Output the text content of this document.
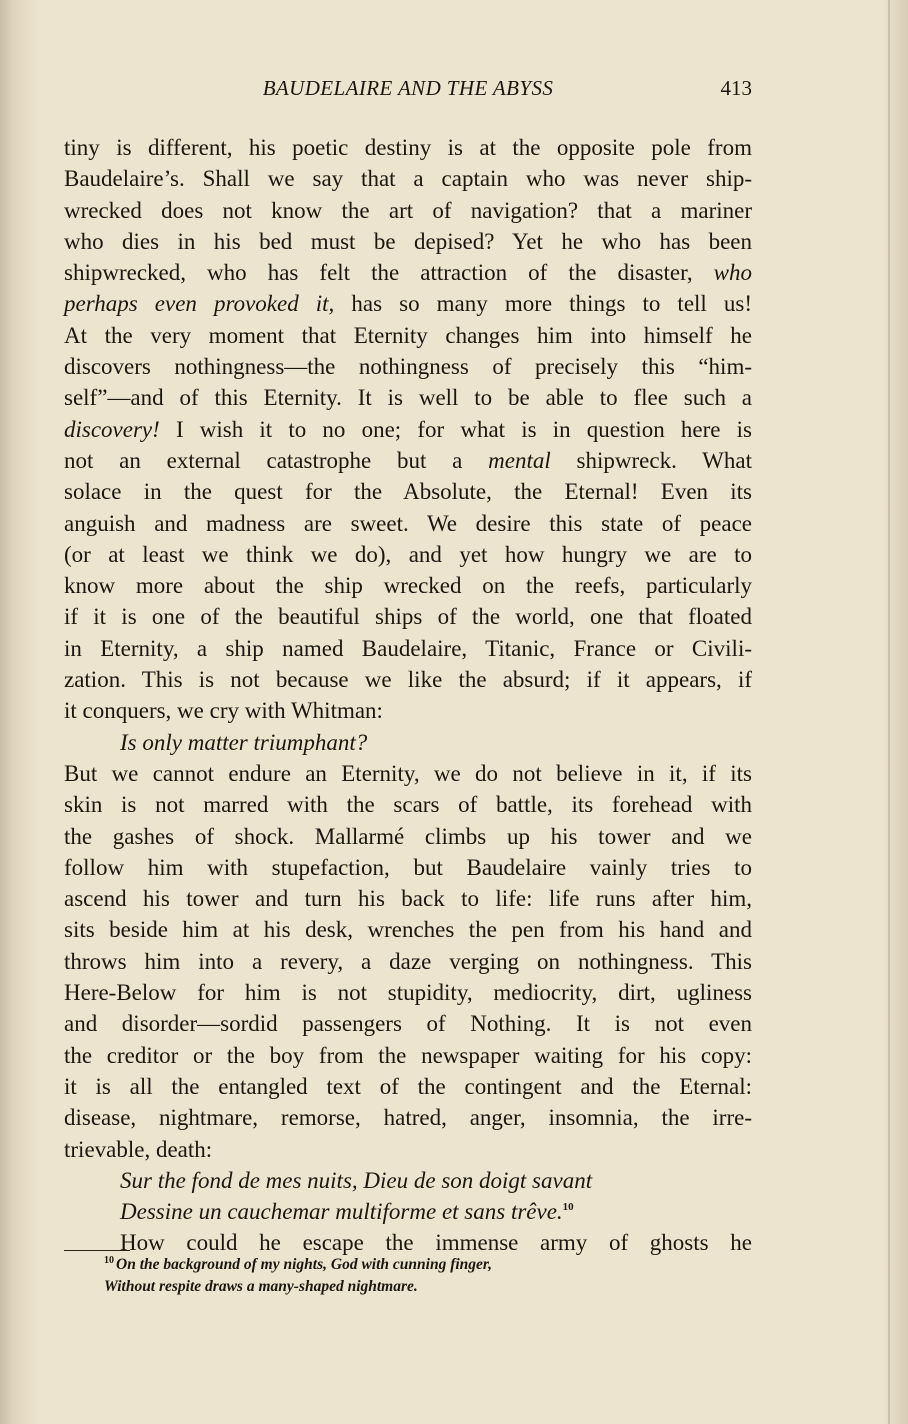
BAUDELAIRE AND THE ABYSS	413
tiny is different, his poetic destiny is at the opposite pole from
Baudelaire’s. Shall we say that a captain who was never ship-
wrecked does not know the art of navigation? that a mariner
who dies in his bed must be depised? Yet he who has been
shipwrecked, who has felt the attraction of the disaster, who
perhaps even provoked it, has so many more things to tell us!
At the very moment that Eternity changes him into himself he
discovers nothingness—the nothingness of precisely this “him-
self”—and of this Eternity. It is well to be able to flee such a
discovery! I wish it to no one; for what is in question here is
not an external catastrophe but a mental shipwreck. What
solace in the quest for the Absolute, the Eternal! Even its
anguish and madness are sweet. We desire this state of peace
(or at least we think we do), and yet how hungry we are to
know more about the ship wrecked on the reefs, particularly
if it is one of the beautiful ships of the world, one that floated
in Eternity, a ship named Baudelaire, Titanic, France or Civili-
zation. This is not because we like the absurd; if it appears, if
it conquers, we cry with Whitman:
Is only matter triumphant?
But we cannot endure an Eternity, we do not believe in it, if its
skin is not marred with the scars of battle, its forehead with
the gashes of shock. Mallarmé climbs up his tower and we
follow him with stupefaction, but Baudelaire vainly tries to
ascend his tower and turn his back to life: life runs after him,
sits beside him at his desk, wrenches the pen from his hand and
throws him into a revery, a daze verging on nothingness. This
Here-Below for him is not stupidity, mediocrity, dirt, ugliness
and disorder—sordid passengers of Nothing. It is not even
the creditor or the boy from the newspaper waiting for his copy:
it is all the entangled text of the contingent and the Eternal:
disease, nightmare, remorse, hatred, anger, insomnia, the irre-
trievable, death:
Sur the fond de mes nuits, Dieu de son doigt savant
Dessine un cauchemar multiforme et sans trêve.$^{10}$
How could he escape the immense army of ghosts he
$^{10}$ On the background of my nights, God with cunning finger,
Without respite draws a many-shaped nightmare.
